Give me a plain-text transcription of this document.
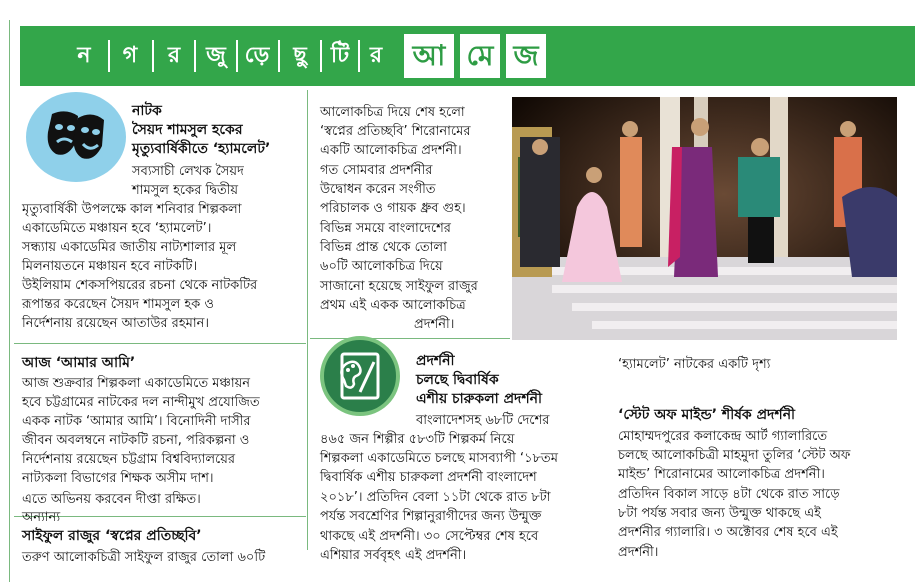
ন গ র জু ড়ে	ছু	টি র	আ মে জ
নাটক
সৈয়দ শামসুল হকের
মৃত্যুবার্ষিকীতে ‘হ্যামলেট’
সব্যসাচী লেখক সৈয়দ
শামসুল হকের দ্বিতীয়
মৃত্যুবার্ষিকী উপলক্ষে কাল শনিবার শিল্পকলা
একাডেমিতে মঞ্চায়ন হবে ‘হ্যামলেট’।
সন্ধ্যায় একাডেমির জাতীয় নাট্যশালার মূল
মিলনায়তনে মঞ্চায়ন হবে নাটকটি।
উইলিয়াম শেকসপিয়রের রচনা থেকে নাটকটির
রূপান্তর করেছেন সৈয়দ শামসুল হক ও
নির্দেশনায় রয়েছেন আতাউর রহমান।
আজ ‘আমার আমি’
আজ শুক্রবার শিল্পকলা একাডেমিতে মঞ্চায়ন
হবে চট্টগ্রামের নাটকের দল নান্দীমুখ প্রযোজিত
একক নাটক ‘আমার আমি’। বিনোদিনী দাসীর
জীবন অবলম্বনে নাটকটি রচনা, পরিকল্পনা ও
নির্দেশনায় রয়েছেন চট্টগ্রাম বিশ্ববিদ্যালয়ের
নাট্যকলা বিভাগের শিক্ষক অসীম দাশ।
এতে অভিনয় করবেন দীপ্তা রক্ষিত।
অন্যান্য
সাইফুল রাজুর ‘স্বপ্নের প্রতিচ্ছবি’
তরুণ আলোকচিত্রী সাইফুল রাজুর তোলা ৬০টি
আলোকচিত্র দিয়ে শেষ হলো
‘স্বপ্নের প্রতিচ্ছবি’ শিরোনামের
একটি আলোকচিত্র প্রদর্শনী।
গত সোমবার প্রদর্শনীর
উদ্বোধন করেন সংগীত
পরিচালক ও গায়ক ধ্রুব গুহ।
বিভিন্ন সময়ে বাংলাদেশের
বিভিন্ন প্রান্ত থেকে তোলা
৬০টি আলোকচিত্র দিয়ে
সাজানো হয়েছে সাইফুল রাজুর
প্রথম এই একক আলোকচিত্র
প্রদর্শনী।
প্রদর্শনী
চলছে দ্বিবার্ষিক
এশীয় চারুকলা প্রদর্শনী
বাংলাদেশসহ ৬৮টি দেশের
৪৬৫ জন শিল্পীর ৫৮৩টি শিল্পকর্ম নিয়ে
শিল্পকলা একাডেমিতে চলছে মাসব্যাপী ‘১৮তম
দ্বিবার্ষিক এশীয় চারুকলা প্রদর্শনী বাংলাদেশ
২০১৮’। প্রতিদিন বেলা ১১টা থেকে রাত ৮টা
পর্যন্ত সবশ্রেণির শিল্পানুরাগীদের জন্য উন্মুক্ত
থাকছে এই প্রদর্শনী। ৩০ সেপ্টেম্বর শেষ হবে
এশিয়ার সর্ববৃহৎ এই প্রদর্শনী।
‘হ্যামলেট’ নাটকের একটি দৃশ্য
‘স্টেট অফ মাইন্ড’ শীর্ষক প্রদর্শনী
মোহাম্মদপুরের কলাকেন্দ্র আর্ট গ্যালারিতে
চলছে আলোকচিত্রী মাহমুদা তুলির ‘স্টেট অফ
মাইন্ড’ শিরোনামের আলোকচিত্র প্রদর্শনী।
প্রতিদিন বিকাল সাড়ে ৪টা থেকে রাত সাড়ে
৮টা পর্যন্ত সবার জন্য উন্মুক্ত থাকছে এই
প্রদর্শনীর গ্যালারি। ৩ অক্টোবর শেষ হবে এই
প্রদর্শনী।
